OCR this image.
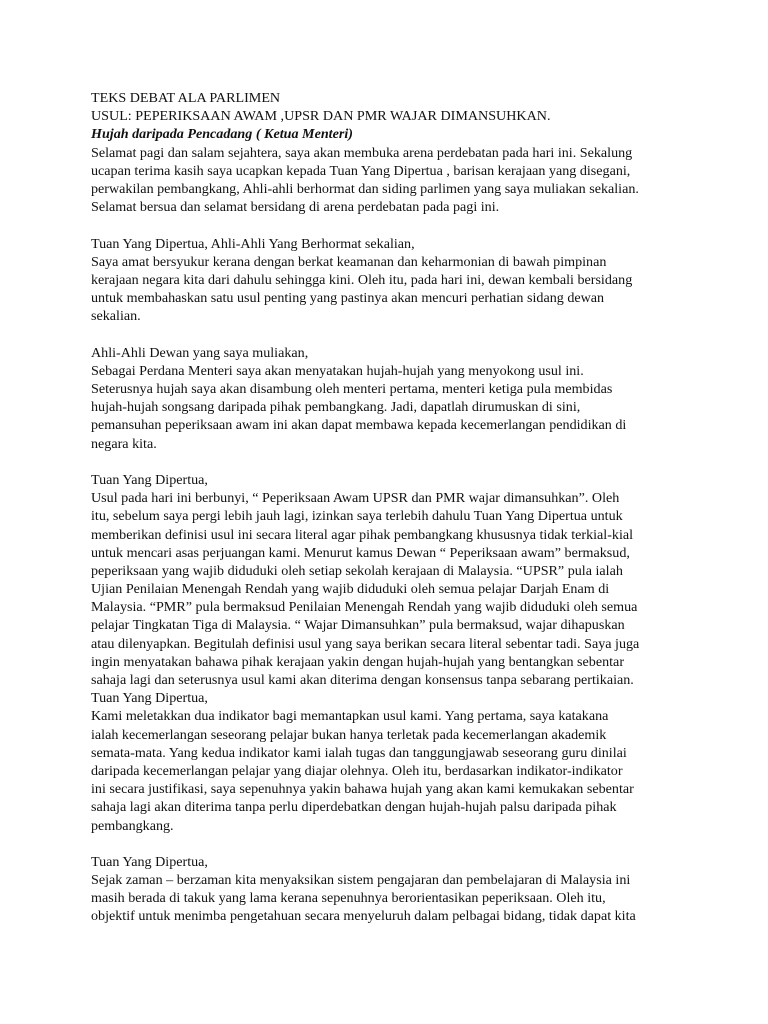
TEKS DEBAT ALA PARLIMEN
USUL: PEPERIKSAAN AWAM ,UPSR DAN PMR WAJAR DIMANSUHKAN.
Hujah daripada Pencadang ( Ketua Menteri)
Selamat pagi dan salam sejahtera, saya akan membuka arena perdebatan pada hari ini. Sekalung
ucapan terima kasih saya ucapkan kepada Tuan Yang Dipertua , barisan kerajaan yang disegani,
perwakilan pembangkang, Ahli-ahli berhormat dan siding parlimen yang saya muliakan sekalian.
Selamat bersua dan selamat bersidang di arena perdebatan pada pagi ini.
Tuan Yang Dipertua, Ahli-Ahli Yang Berhormat sekalian,
Saya amat bersyukur kerana dengan berkat keamanan dan keharmonian di bawah pimpinan
kerajaan negara kita dari dahulu sehingga kini. Oleh itu, pada hari ini, dewan kembali bersidang
untuk membahaskan satu usul penting yang pastinya akan mencuri perhatian sidang dewan
sekalian.
Ahli-Ahli Dewan yang saya muliakan,
Sebagai Perdana Menteri saya akan menyatakan hujah-hujah yang menyokong usul ini.
Seterusnya hujah saya akan disambung oleh menteri pertama, menteri ketiga pula membidas
hujah-hujah songsang daripada pihak pembangkang. Jadi, dapatlah dirumuskan di sini,
pemansuhan peperiksaan awam ini akan dapat membawa kepada kecemerlangan pendidikan di
negara kita.
Tuan Yang Dipertua,
Usul pada hari ini berbunyi, “ Peperiksaan Awam UPSR dan PMR wajar dimansuhkan”. Oleh
itu, sebelum saya pergi lebih jauh lagi, izinkan saya terlebih dahulu Tuan Yang Dipertua untuk
memberikan definisi usul ini secara literal agar pihak pembangkang khususnya tidak terkial-kial
untuk mencari asas perjuangan kami. Menurut kamus Dewan “ Peperiksaan awam” bermaksud,
peperiksaan yang wajib diduduki oleh setiap sekolah kerajaan di Malaysia. “UPSR” pula ialah
Ujian Penilaian Menengah Rendah yang wajib diduduki oleh semua pelajar Darjah Enam di
Malaysia. “PMR” pula bermaksud Penilaian Menengah Rendah yang wajib diduduki oleh semua
pelajar Tingkatan Tiga di Malaysia. “ Wajar Dimansuhkan” pula bermaksud, wajar dihapuskan
atau dilenyapkan. Begitulah definisi usul yang saya berikan secara literal sebentar tadi. Saya juga
ingin menyatakan bahawa pihak kerajaan yakin dengan hujah-hujah yang bentangkan sebentar
sahaja lagi dan seterusnya usul kami akan diterima dengan konsensus tanpa sebarang pertikaian.
Tuan Yang Dipertua,
Kami meletakkan dua indikator bagi memantapkan usul kami. Yang pertama, saya katakana
ialah kecemerlangan seseorang pelajar bukan hanya terletak pada kecemerlangan akademik
semata-mata. Yang kedua indikator kami ialah tugas dan tanggungjawab seseorang guru dinilai
daripada kecemerlangan pelajar yang diajar olehnya. Oleh itu, berdasarkan indikator-indikator
ini secara justifikasi, saya sepenuhnya yakin bahawa hujah yang akan kami kemukakan sebentar
sahaja lagi akan diterima tanpa perlu diperdebatkan dengan hujah-hujah palsu daripada pihak
pembangkang.
Tuan Yang Dipertua,
Sejak zaman – berzaman kita menyaksikan sistem pengajaran dan pembelajaran di Malaysia ini
masih berada di takuk yang lama kerana sepenuhnya berorientasikan peperiksaan. Oleh itu,
objektif untuk menimba pengetahuan secara menyeluruh dalam pelbagai bidang, tidak dapat kita
